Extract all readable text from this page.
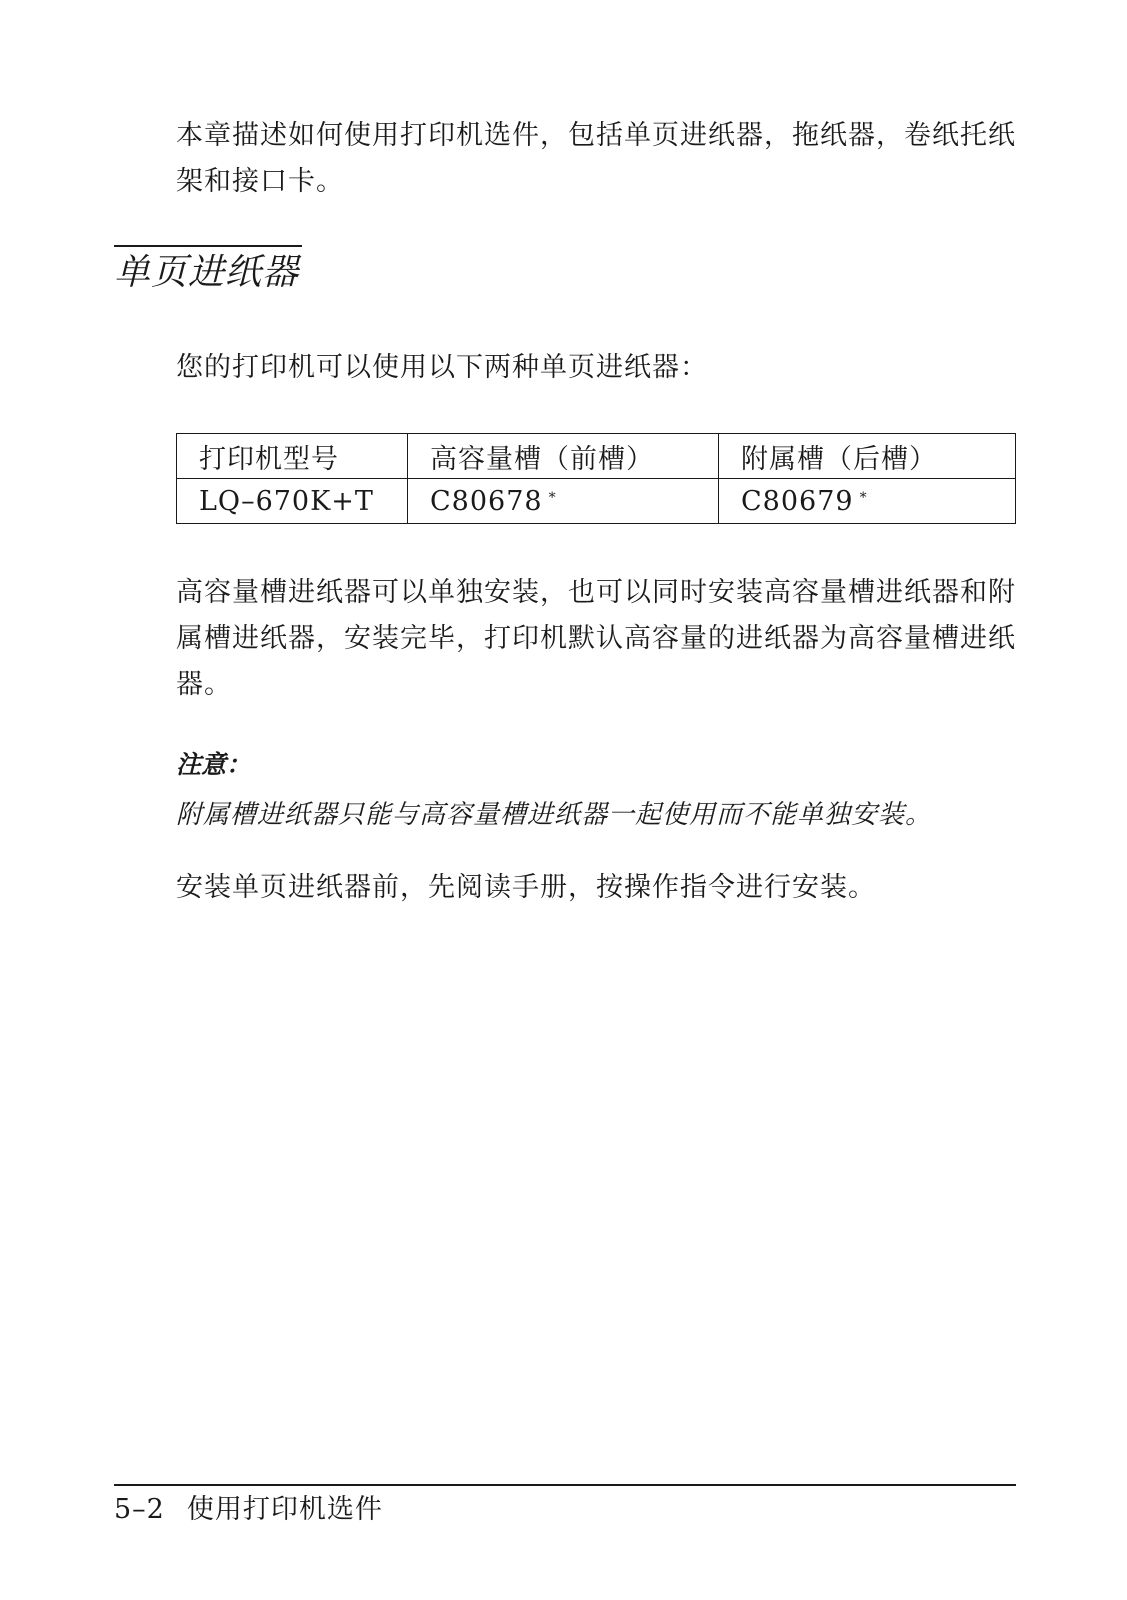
本章描述如何使用打印机选件，包括单页进纸器，拖纸器，卷纸托纸架和接口卡。

单页进纸器

您的打印机可以使用以下两种单页进纸器：

打印机型号	高容量槽（前槽）	附属槽（后槽）
LQ–670K+T	C80678 *	C80679 *

高容量槽进纸器可以单独安装，也可以同时安装高容量槽进纸器和附属槽进纸器，安装完毕，打印机默认高容量的进纸器为高容量槽进纸器。

注意：

附属槽进纸器只能与高容量槽进纸器一起使用而不能单独安装。

安装单页进纸器前，先阅读手册，按操作指令进行安装。

5–2 使用打印机选件
